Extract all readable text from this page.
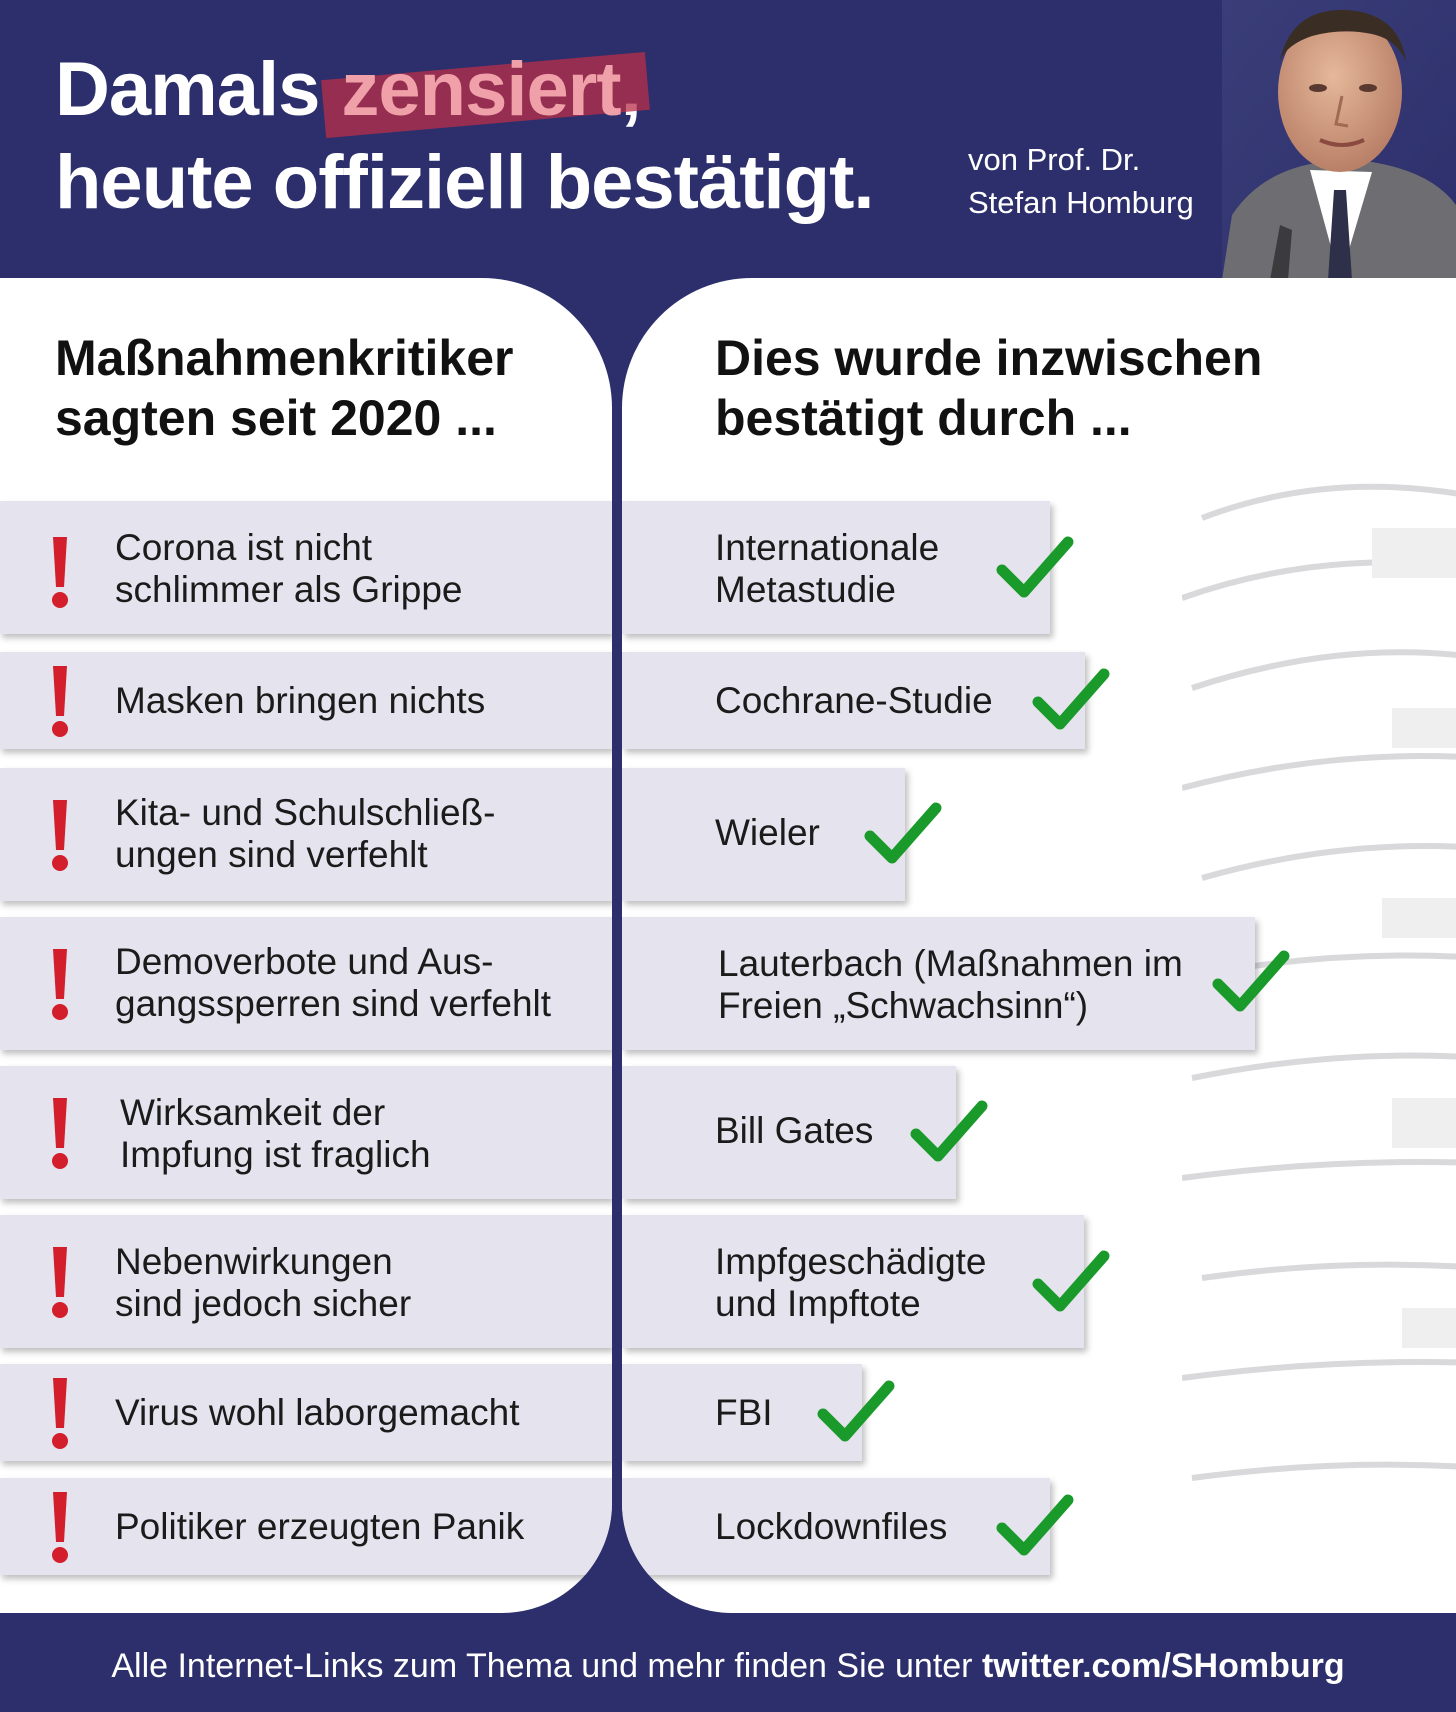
Damals zensiert
heute offiziell bestätigt.	von Prof. Dr.
Stefan Homburg
Maßnahmenkritiker
sagten seit 2020 ...
Corona ist nicht
schlimmer als Grippe
Masken bringen nichts
Kita- und Schulschließ-
ungen sind verfehlt
Demoverbote und Aus-
gangssperren sind verfehlt
Wirksamkeit der
Impfung ist fraglich
Nebenwirkungen
sind jedoch sicher
Virus wohl laborgemacht
Politiker erzeugten Panik
Dies wurde inzwischen
bestätigt durch ...
Internationale
Metastudie
Cochrane-Studie
Wieler
Lauterbach (Maßnahmen im
Freien „Schwachsinn“)
Bill Gates
Impfgeschädigte
und Impftote
FBI
Lockdownfiles
Alle Internet-Links zum Thema und mehr finden Sie unter twitter.com/SHomburg
